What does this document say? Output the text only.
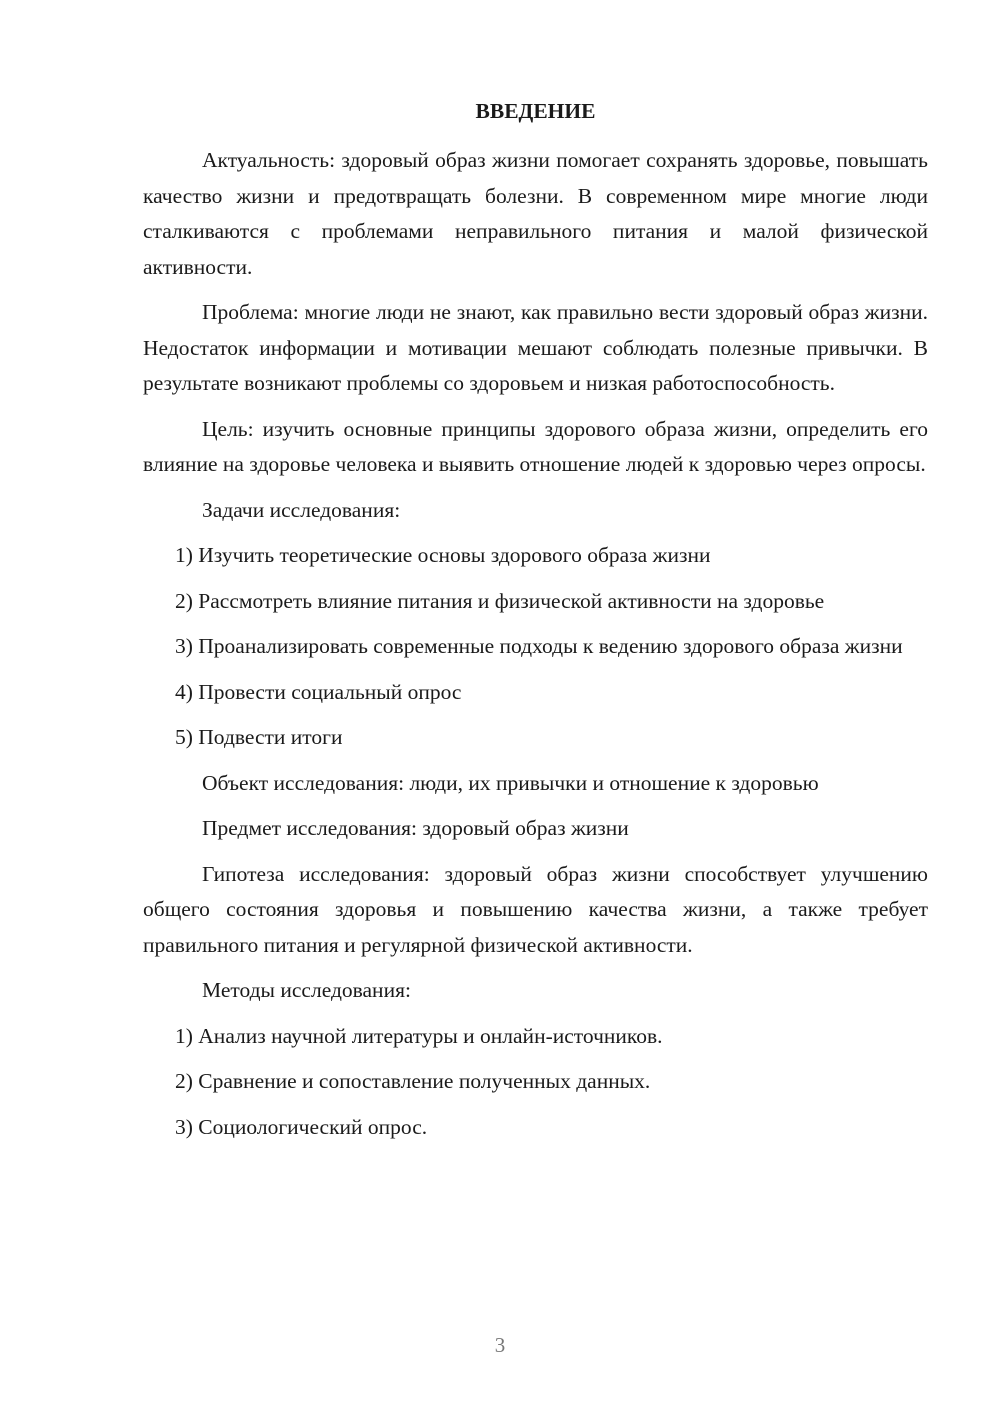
ВВЕДЕНИЕ

Актуальность: здоровый образ жизни помогает сохранять здоровье, повышать качество жизни и предотвращать болезни. В современном мире многие люди сталкиваются с проблемами неправильного питания и малой физической активности.

Проблема: многие люди не знают, как правильно вести здоровый образ жизни. Недостаток информации и мотивации мешают соблюдать полезные привычки. В результате возникают проблемы со здоровьем и низкая работоспособность.

Цель: изучить основные принципы здорового образа жизни, определить его влияние на здоровье человека и выявить отношение людей к здоровью через опросы.

Задачи исследования:

1) Изучить теоретические основы здорового образа жизни

2) Рассмотреть влияние питания и физической активности на здоровье

3) Проанализировать современные подходы к ведению здорового образа жизни

4) Провести социальный опрос

5) Подвести итоги

Объект исследования: люди, их привычки и отношение к здоровью

Предмет исследования: здоровый образ жизни

Гипотеза исследования: здоровый образ жизни способствует улучшению общего состояния здоровья и повышению качества жизни, а также требует правильного питания и регулярной физической активности.

Методы исследования:

1) Анализ научной литературы и онлайн-источников.

2) Сравнение и сопоставление полученных данных.

3) Социологический опрос.

3
